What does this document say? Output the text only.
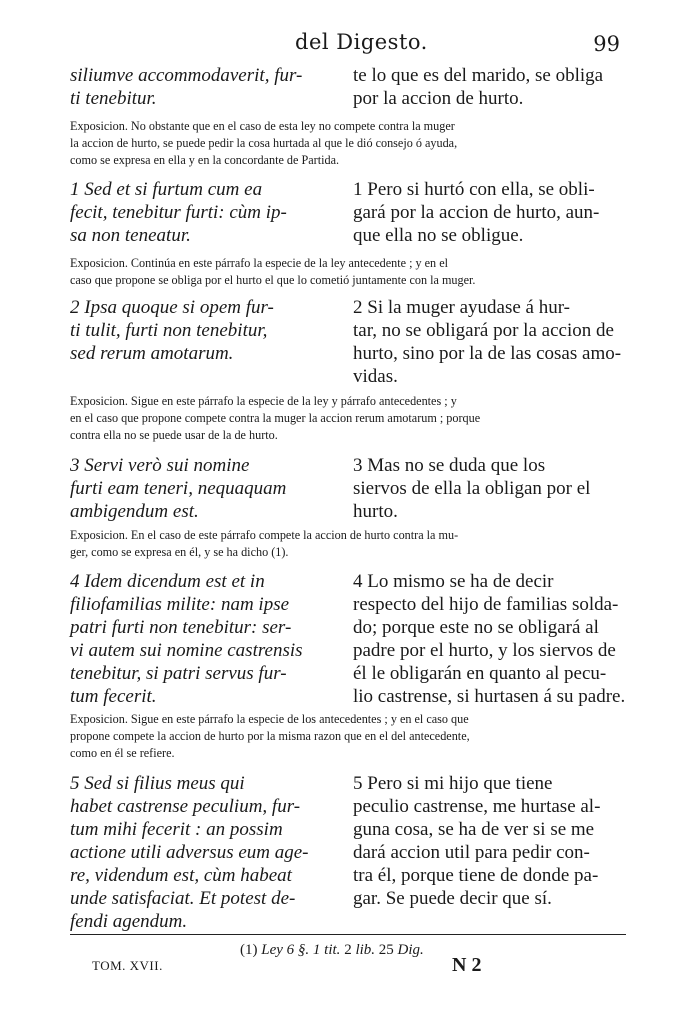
del Digesto.	99
siliumve accommodaverit, fur-
ti tenebitur.
te lo que es del marido, se obliga
por la accion de hurto.
Exposicion. No obstante que en el caso de esta ley no compete contra la muger
la accion de hurto, se puede pedir la cosa hurtada al que le dió consejo ó ayuda,
como se expresa en ella y en la concordante de Partida.
1 Sed et si furtum cum ea
fecit, tenebitur furti: cùm ip-
sa non teneatur.
1 Pero si hurtó con ella, se obli-
gará por la accion de hurto, aun-
que ella no se obligue.
Exposicion. Continúa en este párrafo la especie de la ley antecedente ; y en el
caso que propone se obliga por el hurto el que lo cometió juntamente con la muger.
2 Ipsa quoque si opem fur-
ti tulit, furti non tenebitur,
sed rerum amotarum.
2 Si la muger ayudase á hur-
tar, no se obligará por la accion de
hurto, sino por la de las cosas amo-
vidas.
Exposicion. Sigue en este párrafo la especie de la ley y párrafo antecedentes ; y
en el caso que propone compete contra la muger la accion rerum amotarum ; porque
contra ella no se puede usar de la de hurto.
3 Servi verò sui nomine
furti eam teneri, nequaquam
ambigendum est.
3 Mas no se duda que los
siervos de ella la obligan por el
hurto.
Exposicion. En el caso de este párrafo compete la accion de hurto contra la mu-
ger, como se expresa en él, y se ha dicho (1).
4 Idem dicendum est et in
filiofamilias milite: nam ipse
patri furti non tenebitur: ser-
vi autem sui nomine castrensis
tenebitur, si patri servus fur-
tum fecerit.
4 Lo mismo se ha de decir
respecto del hijo de familias solda-
do; porque este no se obligará al
padre por el hurto, y los siervos de
él le obligarán en quanto al pecu-
lio castrense, si hurtasen á su padre.
Exposicion. Sigue en este párrafo la especie de los antecedentes ; y en el caso que
propone compete la accion de hurto por la misma razon que en el del antecedente,
como en él se refiere.
5 Sed si filius meus qui
habet castrense peculium, fur-
tum mihi fecerit : an possim
actione utili adversus eum age-
re, videndum est, cùm habeat
unde satisfaciat. Et potest de-
fendi agendum.
5 Pero si mi hijo que tiene
peculio castrense, me hurtase al-
guna cosa, se ha de ver si se me
dará accion util para pedir con-
tra él, porque tiene de donde pa-
gar. Se puede decir que sí.
(1) Ley 6 §. 1 tit. 2 lib. 25 Dig.
TOM. XVII.	N 2
